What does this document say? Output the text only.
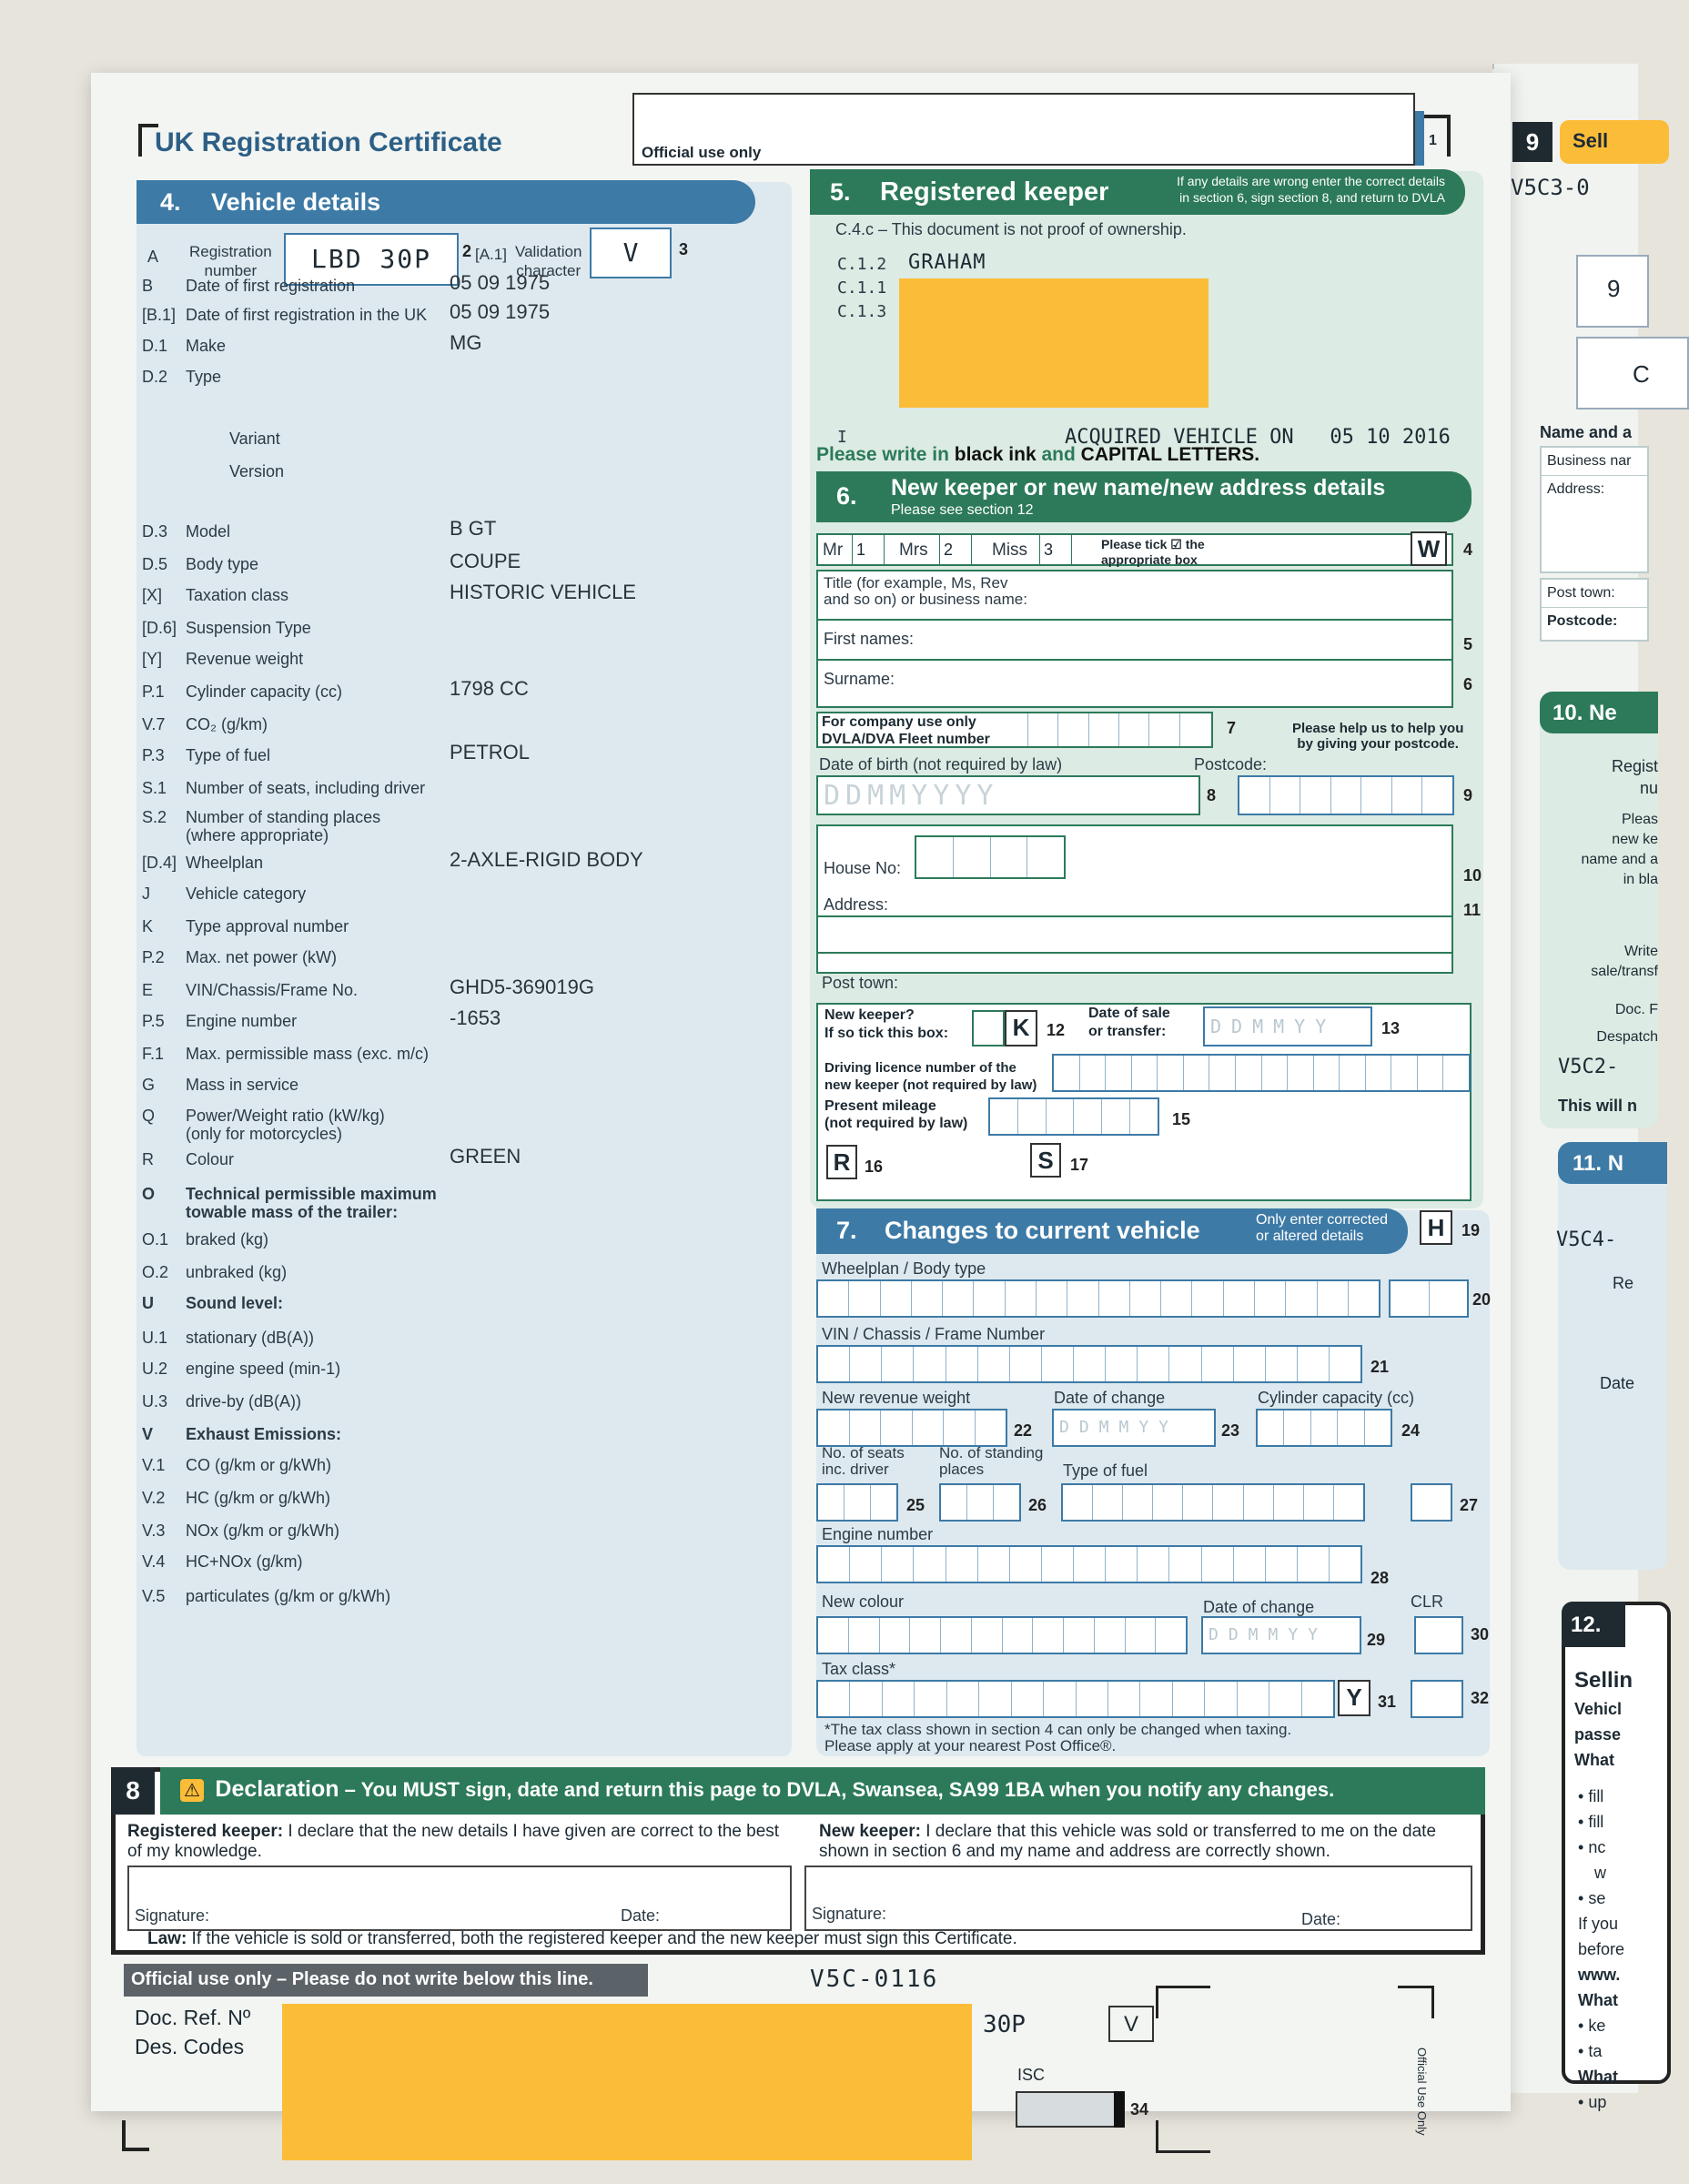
9	Sell
V5C3-0
9
C
Name and a
Business nar
Address:
Post town:
Postcode:
10. Ne
Regist
nu
Pleas
new ke
name and a
in bla
Write
sale/transf
Doc. F
Despatch
V5C2-
This will n
11. N
V5C4-
Re
Date
12.
Sellin
Vehicl
passe
What
• fill
• fill
• nc
w
• se
If you
before
www.
What
• ke
• ta
What
• up
UK Registration Certificate	Official use only
1
4. Vehicle details
A Registration
number	LBD 30P	2 [A.1] Validation
character
V	3
B Date of first registration	05 09 1975
[B.1] Date of first registration in the UK 05 09 1975
D.1 Make	MG
D.2 Type
Variant
Version
D.3 Model	B GT
D.5 Body type	COUPE
[X] Taxation class	HISTORIC VEHICLE
[D.6] Suspension Type
[Y] Revenue weight
P.1 Cylinder capacity (cc)	1798 CC
V.7 CO₂ (g/km)
P.3 Type of fuel	PETROL
S.1 Number of seats, including driver
S.2 Number of standing places
(where appropriate)
[D.4] Wheelplan	2-AXLE-RIGID BODY
J Vehicle category
K Type approval number
P.2 Max. net power (kW)
E VIN/Chassis/Frame No.	GHD5-369019G
P.5 Engine number	-1653
F.1 Max. permissible mass (exc. m/c)
G Mass in service
Q Power/Weight ratio (kW/kg)
(only for motorcycles)
R Colour	GREEN
O Technical permissible maximum
towable mass of the trailer:
O.1 braked (kg)
O.2 unbraked (kg)
U Sound level:
U.1 stationary (dB(A))
U.2 engine speed (min-1)
U.3 drive-by (dB(A))
V Exhaust Emissions:
V.1 CO (g/km or g/kWh)
V.2 HC (g/km or g/kWh)
V.3 NOx (g/km or g/kWh)
V.4 HC+NOx (g/km)
V.5 particulates (g/km or g/kWh)
5. Registered keeper	If any details are wrong enter the correct details
in section 6, sign section 8, and return to DVLA
C.4.c – This document is not proof of ownership.
C.1.2
C.1.1
C.1.3
GRAHAM
I	ACQUIRED VEHICLE ON   05 10 2016
Please write in black ink and CAPITAL LETTERS.
6. New keeper or new name/new address details
Please see section 12
Mr 1	Mrs 2	Miss 3	Please tick ☑ the
appropriate box	W	4
Title (for example, Ms, Rev
and so on) or business name:
First names:
Surname:
5
6
For company use only
DVLA/DVA Fleet number
7	Please help us to help you
by giving your postcode.
Date of birth (not required by law)	Postcode:
DDMMYYYY	8	9
House No:
Address:
10
Post town:
11
New keeper?
If so tick this box:	K	12
Date of sale
or transfer: DDMMYY	13
Driving licence number of the
new keeper (not required by law)
Present mileage
(not required by law)	15
R 16	S	17
7. Changes to current vehicle	Only enter corrected
or altered details	H	19
Wheelplan / Body type
20
VIN / Chassis / Frame Number
21
New revenue weight	Date of change	Cylinder capacity (cc)
22	DDMMYY	23	24
No. of seats
inc. driver
No. of standing
places	Type of fuel
25	26	27
Engine number
28
New colour	Date of change	CLR
DDMMYY	29	30
Tax class*
Y 31	32
*The tax class shown in section 4 can only be changed when taxing.
Please apply at your nearest Post Office®.
8	⚠ Declaration – You MUST sign, date and return this page to DVLA, Swansea, SA99 1BA when you notify any changes.
Registered keeper: I declare that the new details I have given are correct to the best of my knowledge.
New keeper: I declare that this vehicle was sold or transferred to me on the date shown in section 6 and my name and address are correctly shown.
Signature:	Date:	Signature:	Date:
Law: If the vehicle is sold or transferred, both the registered keeper and the new keeper must sign this Certificate.
Official use only – Please do not write below this line.	V5C-0116
Doc. Ref. Nº
Des. Codes
30P	V
ISC
34	Official Use Only
